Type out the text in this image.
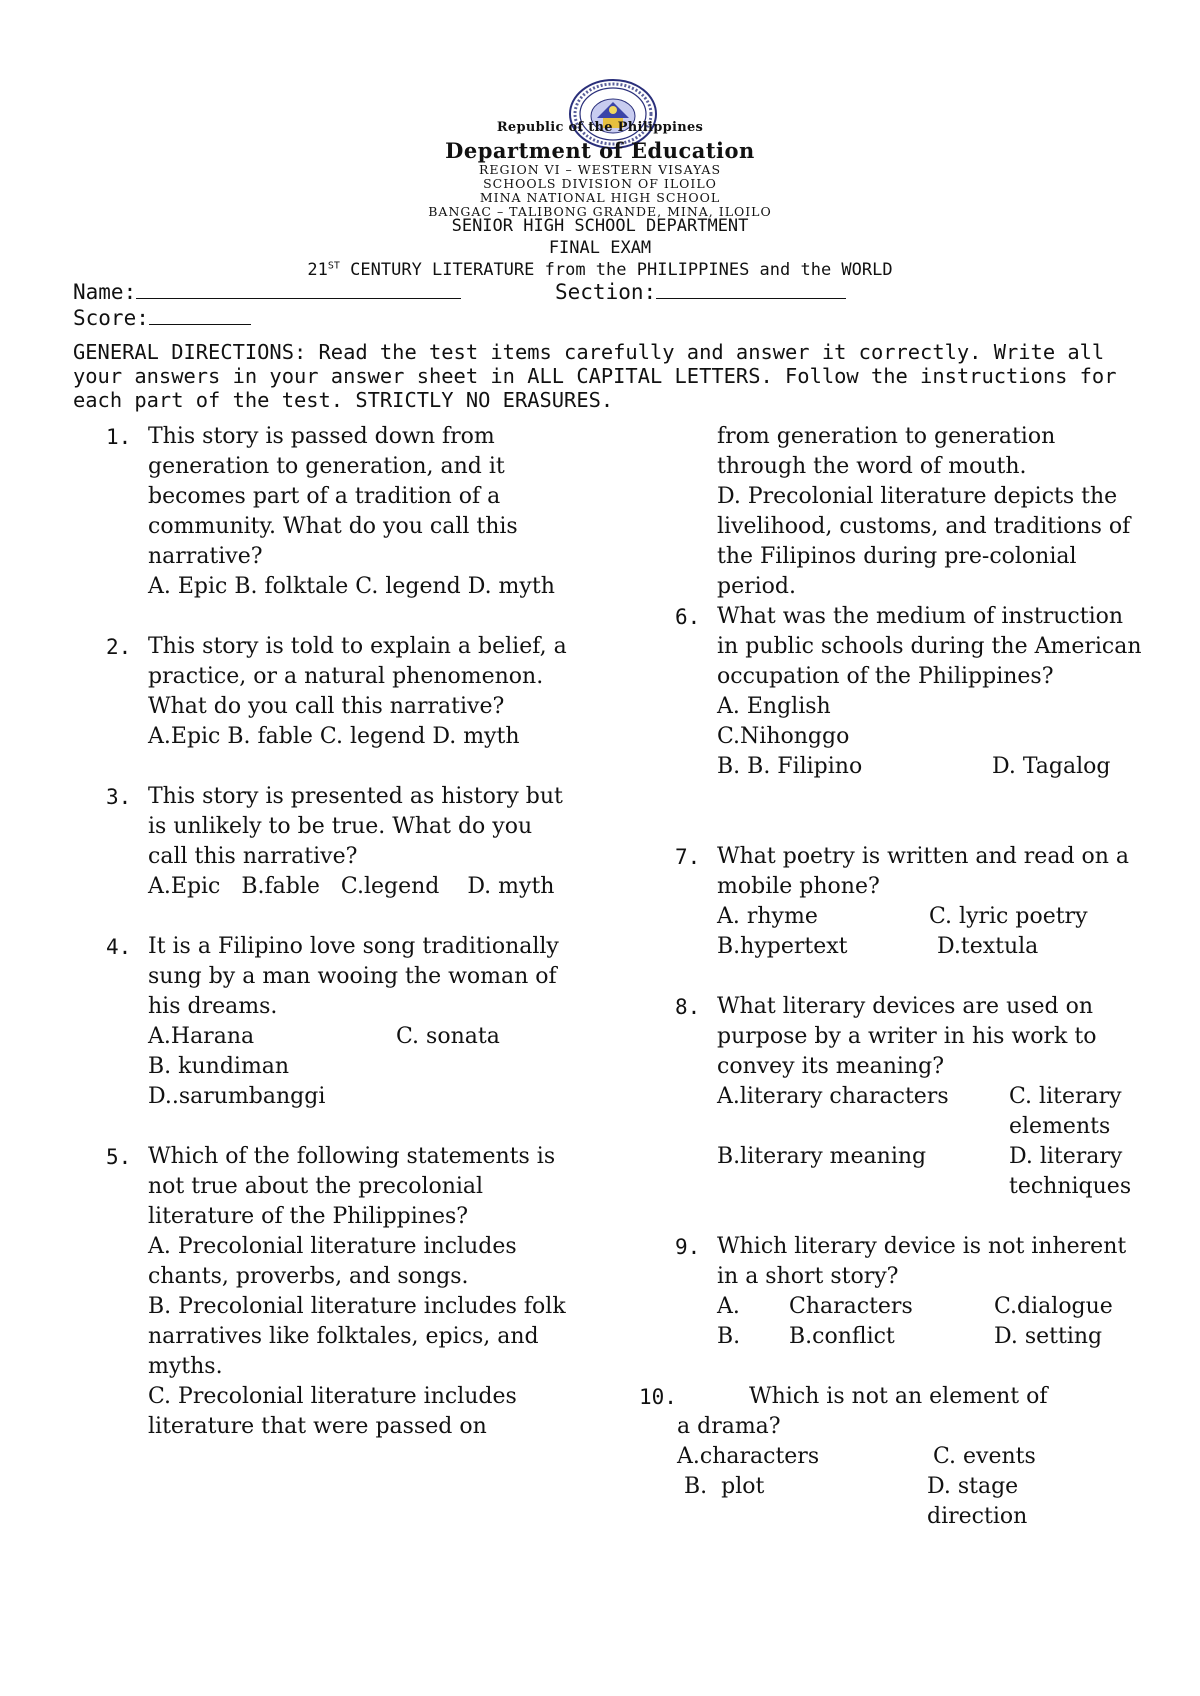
Republic of the Philippines
Department of Education
REGION VI – WESTERN VISAYAS
SCHOOLS DIVISION OF ILOILO
MINA NATIONAL HIGH SCHOOL
BANGAC – TALIBONG GRANDE, MINA, ILOILO
SENIOR HIGH SCHOOL DEPARTMENT
FINAL EXAM
21ST CENTURY LITERATURE from the PHILIPPINES and the WORLD
Name:	Section:
Score:
GENERAL DIRECTIONS: Read the test items carefully and answer it correctly. Write all your answers in your answer sheet in ALL CAPITAL LETTERS. Follow the instructions for each part of the test. STRICTLY NO ERASURES.
1. This story is passed down from generation to generation, and it becomes part of a tradition of a community. What do you call this narrative?
A. Epic B. folktale C. legend D. myth
2. This story is told to explain a belief, a practice, or a natural phenomenon. What do you call this narrative?
A.Epic B. fable C. legend D. myth
3. This story is presented as history but is unlikely to be true. What do you call this narrative?
A.Epic   B.fable   C.legend    D. myth
4. It is a Filipino love song traditionally sung by a man wooing the woman of his dreams.
A.Harana	C. sonata
B. kundiman
D..sarumbanggi
5. Which of the following statements is not true about the precolonial literature of the Philippines?
A. Precolonial literature includes chants, proverbs, and songs.
B. Precolonial literature includes folk narratives like folktales, epics, and myths.
C. Precolonial literature includes literature that were passed on
from generation to generation through the word of mouth.
D. Precolonial literature depicts the livelihood, customs, and traditions of the Filipinos during pre-colonial period.
6. What was the medium of instruction in public schools during the American occupation of the Philippines?
A. English
C.Nihonggo
B. B. Filipino	D. Tagalog
7. What poetry is written and read on a mobile phone?
A. rhyme	C. lyric poetry
B.hypertext	D.textula
8. What literary devices are used on purpose by a writer in his work to convey its meaning?
A.literary characters	C. literary elements
B.literary meaning	D. literary techniques
9. Which literary device is not inherent in a short story?
A.	Characters	C.dialogue
B.	B.conflict	D. setting
10.	Which is not an element of
a drama?
A.characters	C. events
B.  plot	D. stage direction
